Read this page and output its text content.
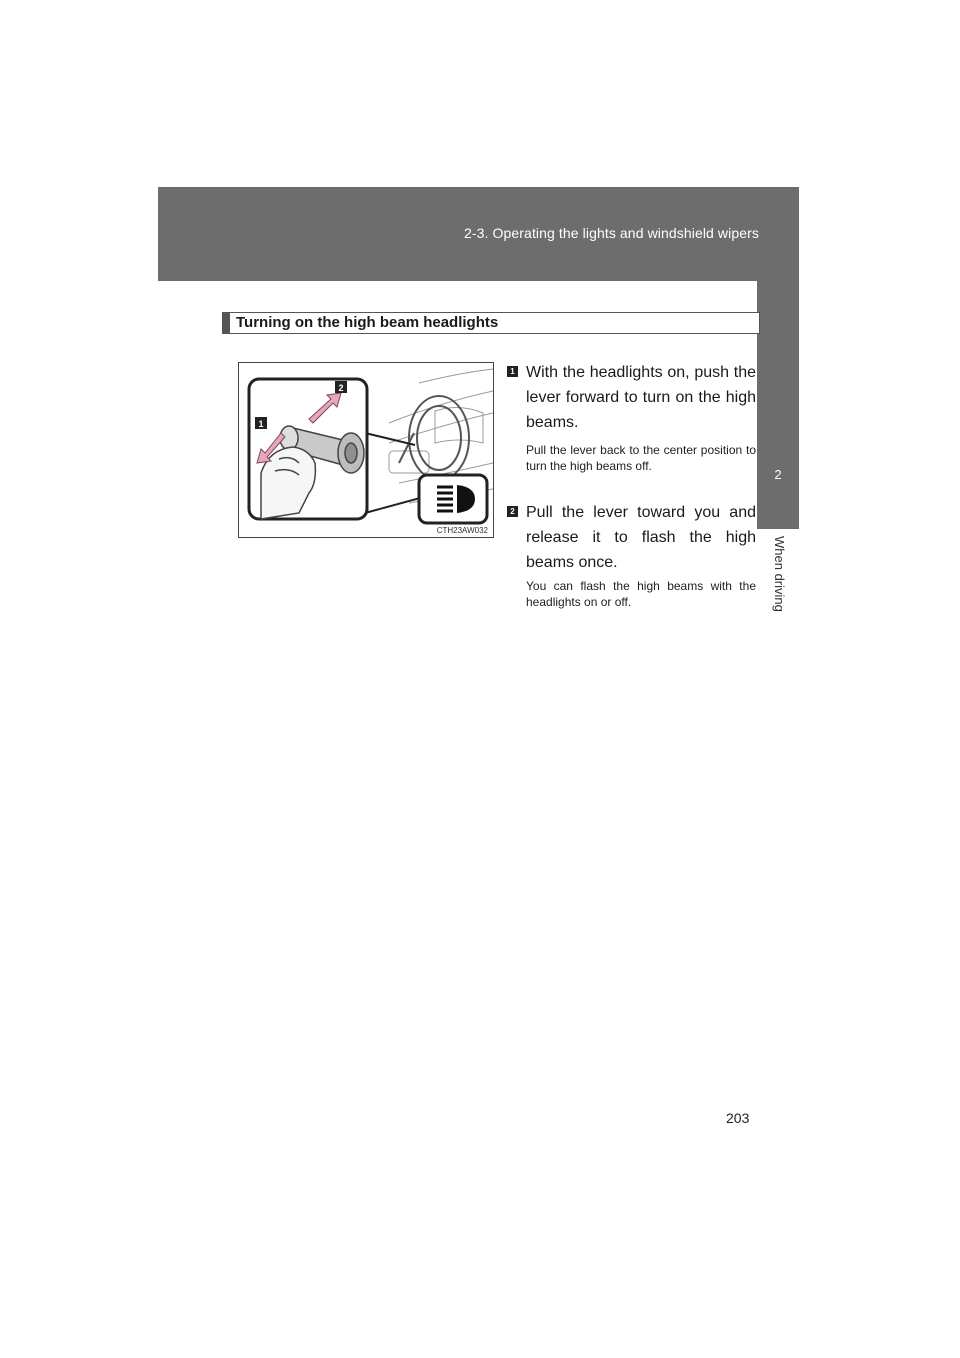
2-3. Operating the lights and windshield wipers
2
When driving
Turning on the high beam headlights
2
1
CTH23AW032
1 With the headlights on, push the lever forward to turn on the high beams.
Pull the lever back to the center position to turn the high beams off.
2 Pull the lever toward you and release it to flash the high beams once.
You can flash the high beams with the headlights on or off.
203
